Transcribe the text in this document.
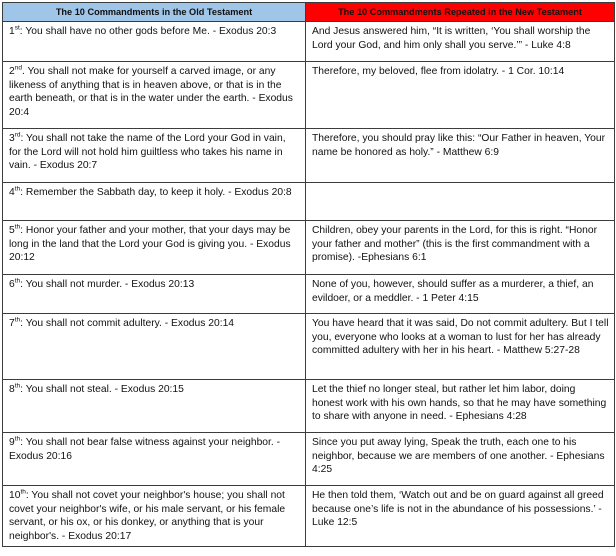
The 10 Commandments in the Old Testament	The 10 Commandments Repeated in the New Testament
1st: You shall have no other gods before Me. - Exodus 20:3	And Jesus answered him, “It is written, ‘You shall worship the Lord your God, and him only shall you serve.’” - Luke 4:8
2nd. You shall not make for yourself a carved image, or any likeness of anything that is in heaven above, or that is in the earth beneath, or that is in the water under the earth. - Exodus 20:4	Therefore, my beloved, flee from idolatry. - 1 Cor. 10:14
3rd: You shall not take the name of the Lord your God in vain, for the Lord will not hold him guiltless who takes his name in vain. - Exodus 20:7	Therefore, you should pray like this: “Our Father in heaven, Your name be honored as holy.” - Matthew 6:9
4th: Remember the Sabbath day, to keep it holy. - Exodus 20:8	
5th: Honor your father and your mother, that your days may be long in the land that the Lord your God is giving you. - Exodus 20:12	Children, obey your parents in the Lord, for this is right. “Honor your father and mother” (this is the first commandment with a promise). -Ephesians 6:1
6th: You shall not murder. - Exodus 20:13	None of you, however, should suffer as a murderer, a thief, an evildoer, or a meddler. - 1 Peter 4:15
7th: You shall not commit adultery. - Exodus 20:14	You have heard that it was said, Do not commit adultery. But I tell you, everyone who looks at a woman to lust for her has already committed adultery with her in his heart. - Matthew 5:27-28
8th: You shall not steal. - Exodus 20:15	Let the thief no longer steal, but rather let him labor, doing honest work with his own hands, so that he may have something to share with anyone in need. - Ephesians 4:28
9th: You shall not bear false witness against your neighbor. - Exodus 20:16	Since you put away lying, Speak the truth, each one to his neighbor, because we are members of one another. - Ephesians 4:25
10th: You shall not covet your neighbor's house; you shall not covet your neighbor's wife, or his male servant, or his female servant, or his ox, or his donkey, or anything that is your neighbor's. - Exodus 20:17	He then told them, ‘Watch out and be on guard against all greed because one’s life is not in the abundance of his possessions.’ - Luke 12:5
